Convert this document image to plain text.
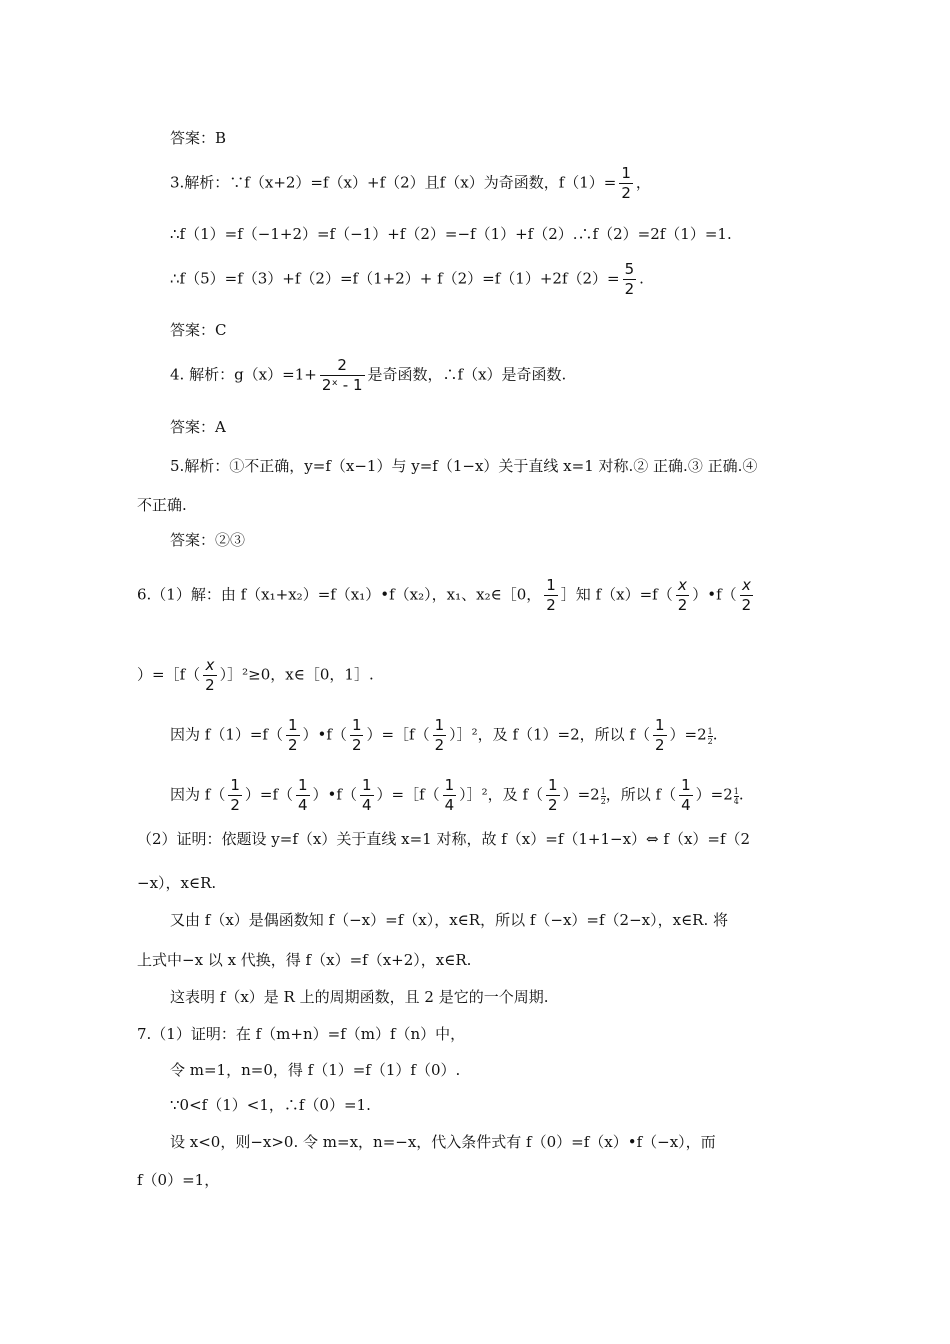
答案：B
3.解析：∵f（x+2）=f（x）+f（2）且f（x）为奇函数，$f(1)= \frac{1}{2}$ ，
∴f（1）=f（−1+2）=f（−1）+f（2）=−f（1）+f（2）.∴f（2）=2f（1）=1.
∴f（5）=f（3）+f（2）=f（1+2）+ $f(2)=f(1)+2f(2)= \frac{5}{2}$ .
答案：C
4. 解析：$g(x)=1+ \frac{2}{\text{2ˣ - 1}}$ 是奇函数，∴f（x）是奇函数.
答案：A
5.解析：①不正确，y=f（x−1）与 y=f（1−x）关于直线 x=1 对称.② 正确.③ 正确.④
不正确.
答案：②③
6.（1）解：由 f（x₁+x₂）=f（x₁）•f（x₂），x₁、x₂∈［0， $\frac{1}{2}$ ］知 $f(x)=f( \frac{x}{2}$ ）•f（ $\frac{x}{2}$
）=［f（ $\frac{x}{2}$ ）］²≥0，x∈［0，1］.
因为 $f(1)=f( \frac{1}{2}$ ）•f（ $\frac{1}{2}$ ）=［f（ $\frac{1}{2}$ ）］²，及 f（1）=2，所以 $f( \frac{1}{2} )=2 \frac{1}{2}$ .
因为 $f( \frac{1}{2} )=f( \frac{1}{4}$ ）•f（ $\frac{1}{4}$ ）=［f（ $\frac{1}{4}$ ）］²，及 $f( \frac{1}{2} )=2 \frac{1}{2}$ ，所以 $f( \frac{1}{4} )=2 \frac{1}{4}$ .
（2）证明：依题设 y=f（x）关于直线 x=1 对称，故 f（x）=f（1+1−x）⇔ f（x）=f（2
−x），x∈R.
又由 f（x）是偶函数知 f（−x）=f（x），x∈R，所以 f（−x）=f（2−x），x∈R. 将
上式中−x 以 x 代换，得 f（x）=f（x+2），x∈R.
这表明 f（x）是 R 上的周期函数，且 2 是它的一个周期.
7.（1）证明：在 f（m+n）=f（m）f（n）中，
令 m=1，n=0，得 f（1）=f（1）f（0）.
∵0<f（1）<1，∴f（0）=1.
设 x<0，则−x>0. 令 m=x，n=−x，代入条件式有 f（0）=f（x）•f（−x），而
f（0）=1，
